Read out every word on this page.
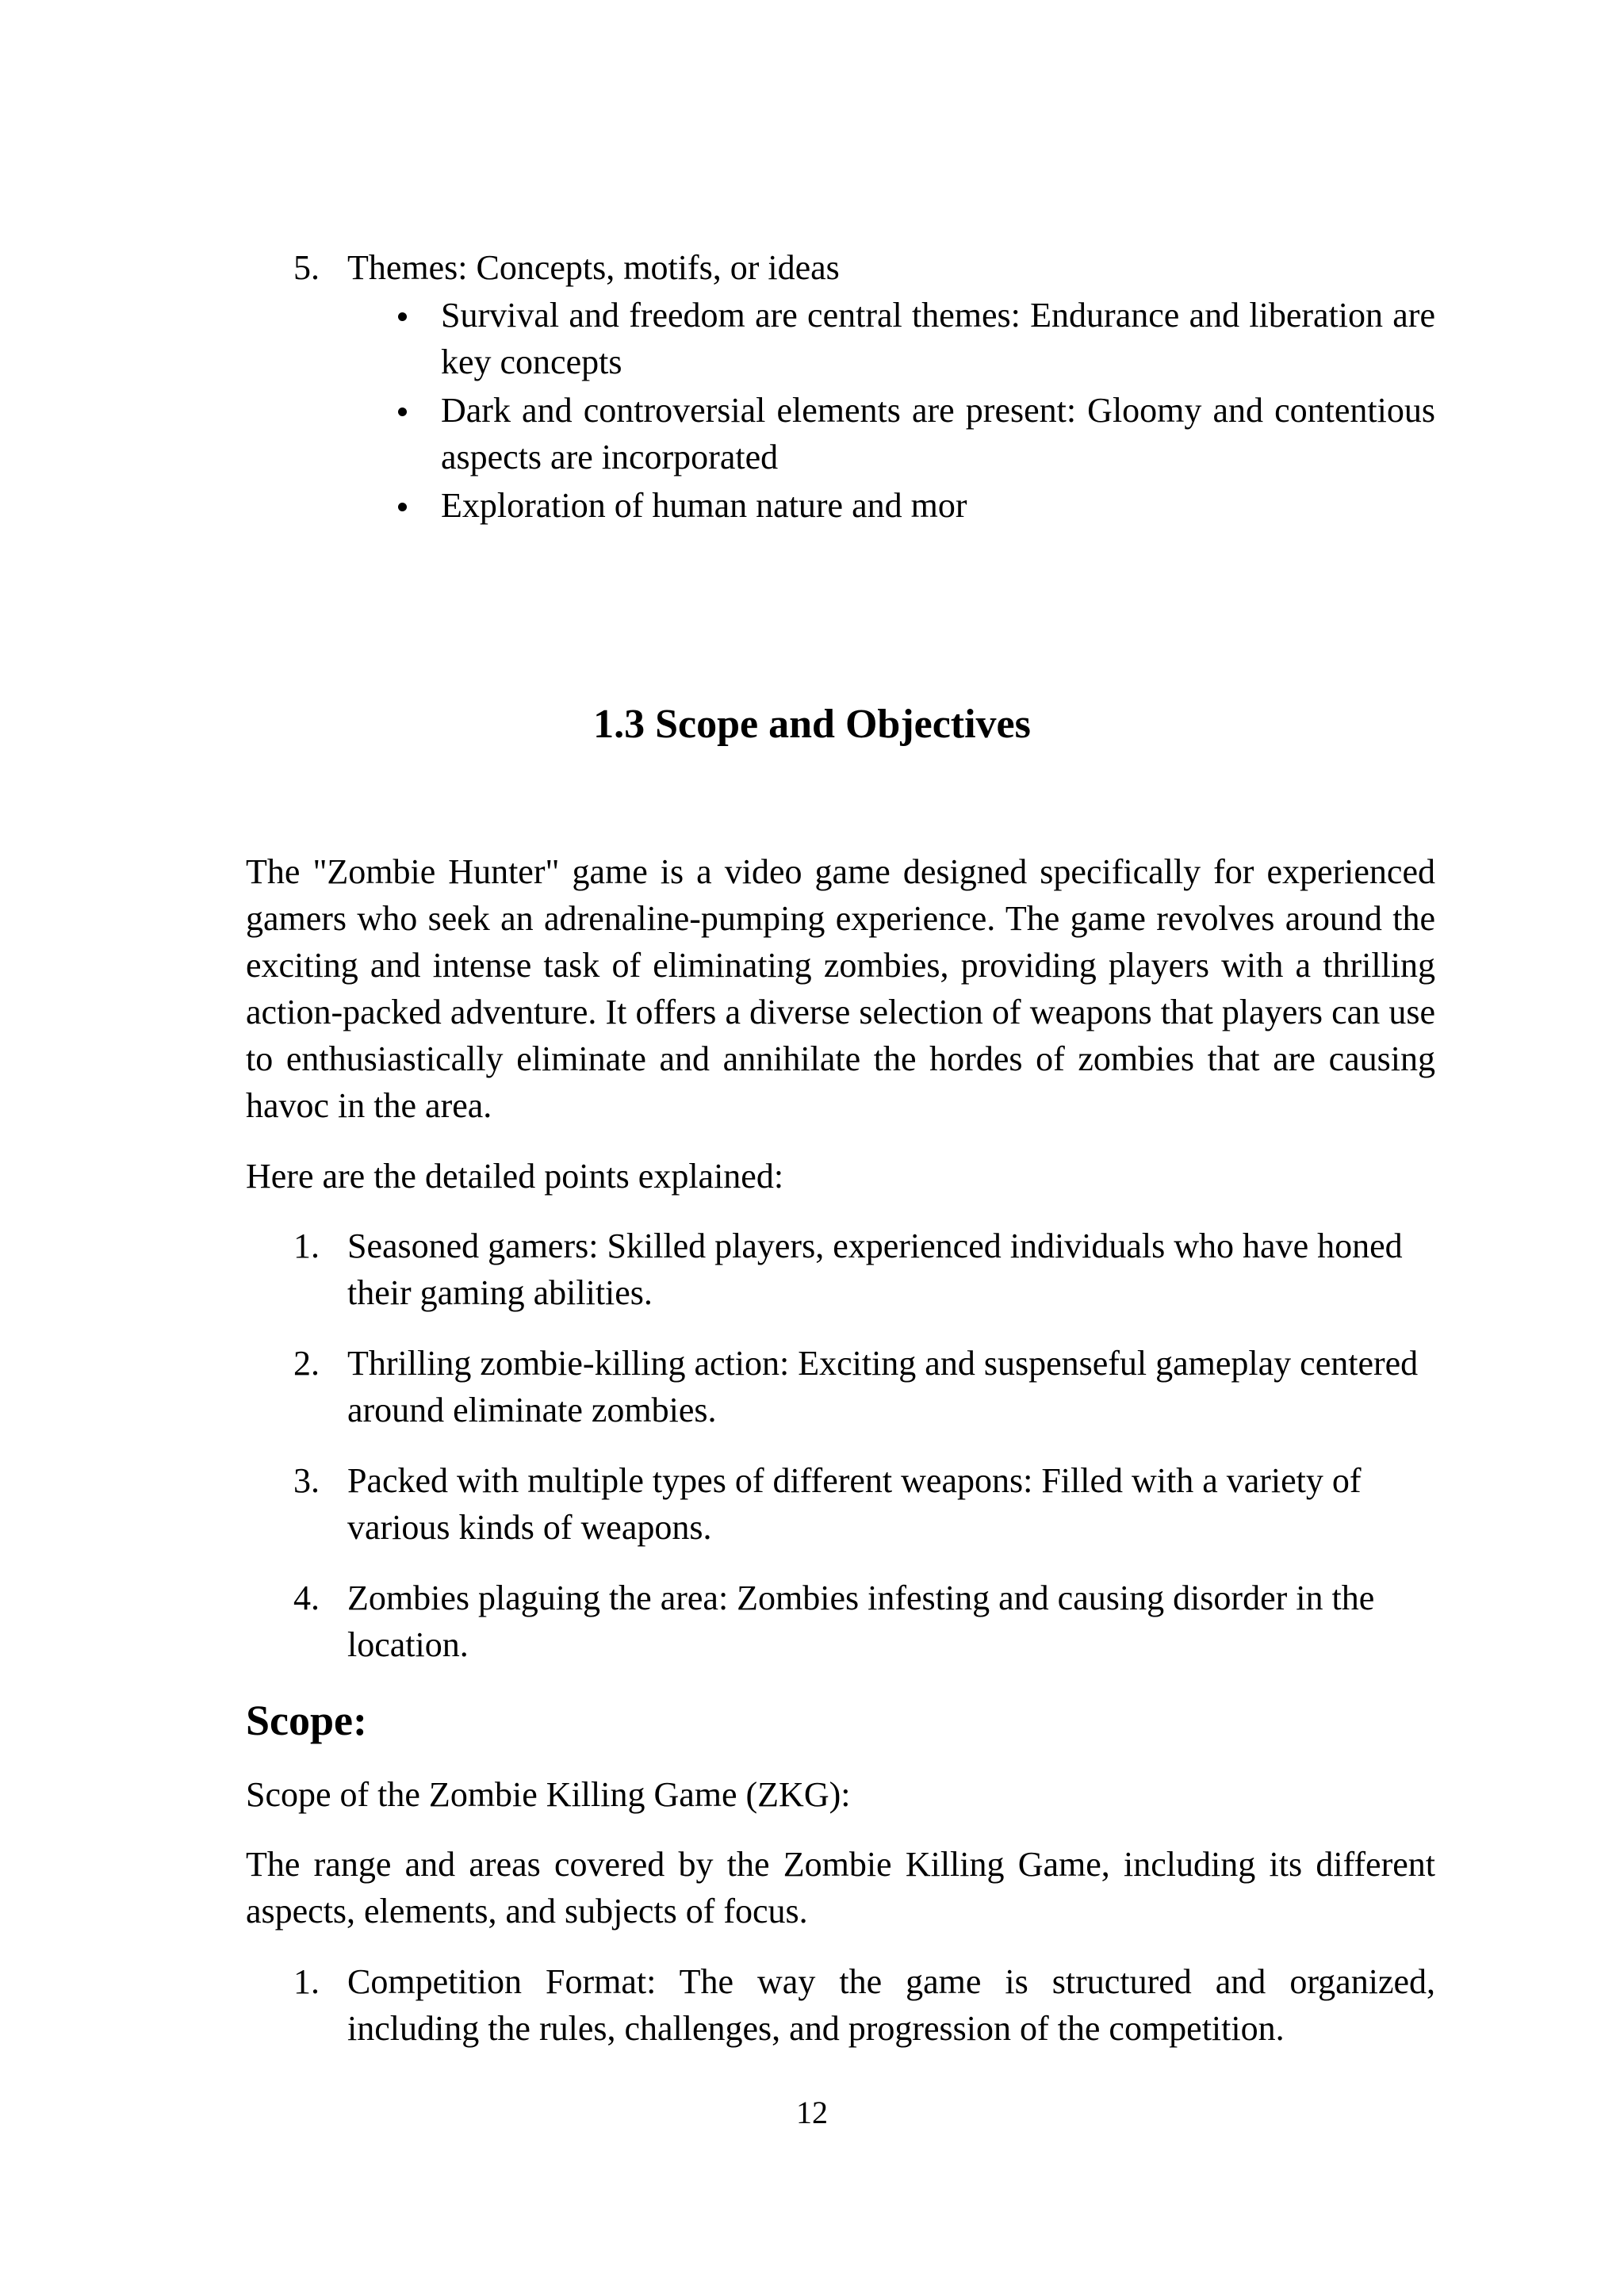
5. Themes: Concepts, motifs, or ideas
Survival and freedom are central themes: Endurance and liberation are key concepts
Dark and controversial elements are present: Gloomy and contentious aspects are incorporated
Exploration of human nature and mor
1.3 Scope and Objectives
The "Zombie Hunter" game is a video game designed specifically for experienced gamers who seek an adrenaline-pumping experience. The game revolves around the exciting and intense task of eliminating zombies, providing players with a thrilling action-packed adventure. It offers a diverse selection of weapons that players can use to enthusiastically eliminate and annihilate the hordes of zombies that are causing havoc in the area.
Here are the detailed points explained:
1. Seasoned gamers: Skilled players, experienced individuals who have honed their gaming abilities.
2. Thrilling zombie-killing action: Exciting and suspenseful gameplay centered around eliminate zombies.
3. Packed with multiple types of different weapons: Filled with a variety of various kinds of weapons.
4. Zombies plaguing the area: Zombies infesting and causing disorder in the location.
Scope:
Scope of the Zombie Killing Game (ZKG):
The range and areas covered by the Zombie Killing Game, including its different aspects, elements, and subjects of focus.
1. Competition Format: The way the game is structured and organized, including the rules, challenges, and progression of the competition.
12
